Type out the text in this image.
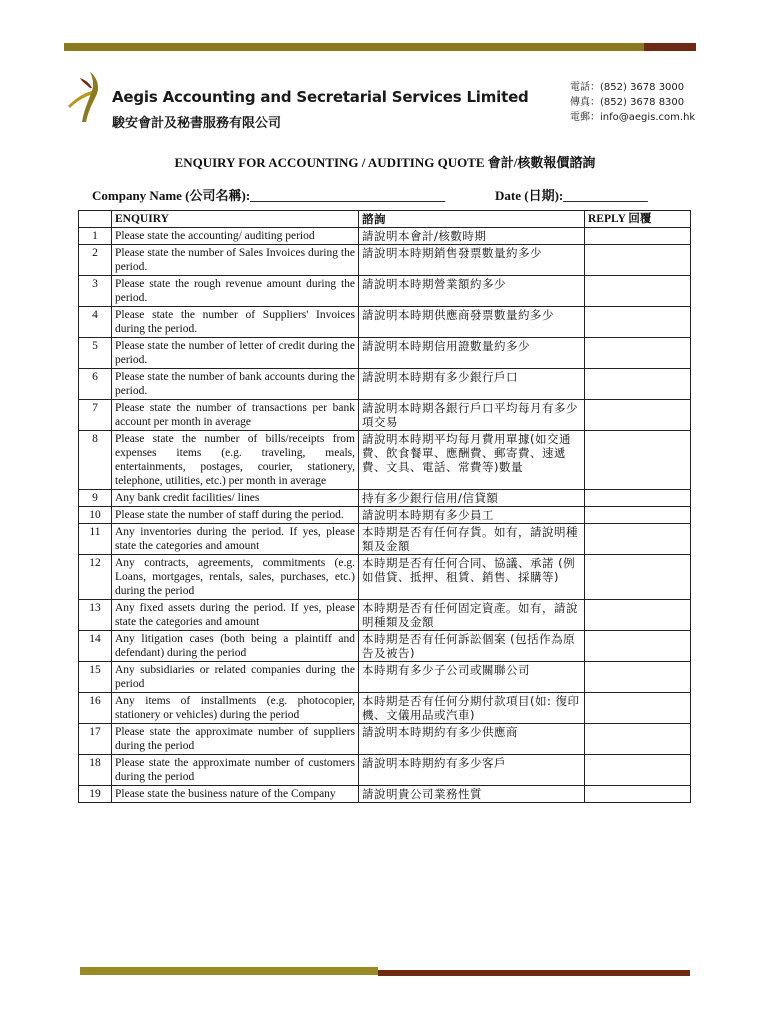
Aegis Accounting and Secretarial Services Limited
駿安會計及秘書服務有限公司
電話：(852) 3678 3000
傳真：(852) 3678 8300
電郵：info@aegis.com.hk
ENQUIRY FOR ACCOUNTING / AUDITING QUOTE 會計/核數報價諮詢
Company Name (公司名稱):______________________________	Date (日期):_____________
	ENQUIRY	諮詢	REPLY 回覆
1	Please state the accounting/ auditing period	請說明本會計/核數時期	
2	Please state the number of Sales Invoices during the period.	請說明本時期銷售發票數量約多少	
3	Please state the rough revenue amount during the period.	請說明本時期營業額約多少	
4	Please state the number of Suppliers' Invoices during the period.	請說明本時期供應商發票數量約多少	
5	Please state the number of letter of credit during the period.	請說明本時期信用證數量約多少	
6	Please state the number of bank accounts during the period.	請說明本時期有多少銀行戶口	
7	Please state the number of transactions per bank account per month in average	請說明本時期各銀行戶口平均每月有多少項交易	
8	Please state the number of bills/receipts from expenses items (e.g. traveling, meals, entertainments, postages, courier, stationery, telephone, utilities, etc.) per month in average	請說明本時期平均每月費用單據(如交通費、飲食餐單、應酬費、郵寄費、速遞費、文具、電話、常費等)數量	
9	Any bank credit facilities/ lines	持有多少銀行信用/信貸額	
10	Please state the number of staff during the period.	請說明本時期有多少員工	
11	Any inventories during the period. If yes, please state the categories and amount	本時期是否有任何存貨。如有，請說明種類及金額	
12	Any contracts, agreements, commitments (e.g. Loans, mortgages, rentals, sales, purchases, etc.) during the period	本時期是否有任何合同、協議、承諾 (例如借貸、抵押、租賃、銷售、採購等)	
13	Any fixed assets during the period. If yes, please state the categories and amount	本時期是否有任何固定資產。如有，請說明種類及金額	
14	Any litigation cases (both being a plaintiff and defendant) during the period	本時期是否有任何訴訟個案 (包括作為原告及被告)	
15	Any subsidiaries or related companies during the period	本時期有多少子公司或關聯公司	
16	Any items of installments (e.g. photocopier, stationery or vehicles) during the period	本時期是否有任何分期付款項目(如: 復印機、文儀用品或汽車)	
17	Please state the approximate number of suppliers during the period	請說明本時期約有多少供應商	
18	Please state the approximate number of customers during the period	請說明本時期約有多少客戶	
19	Please state the business nature of the Company	請說明貴公司業務性質	
